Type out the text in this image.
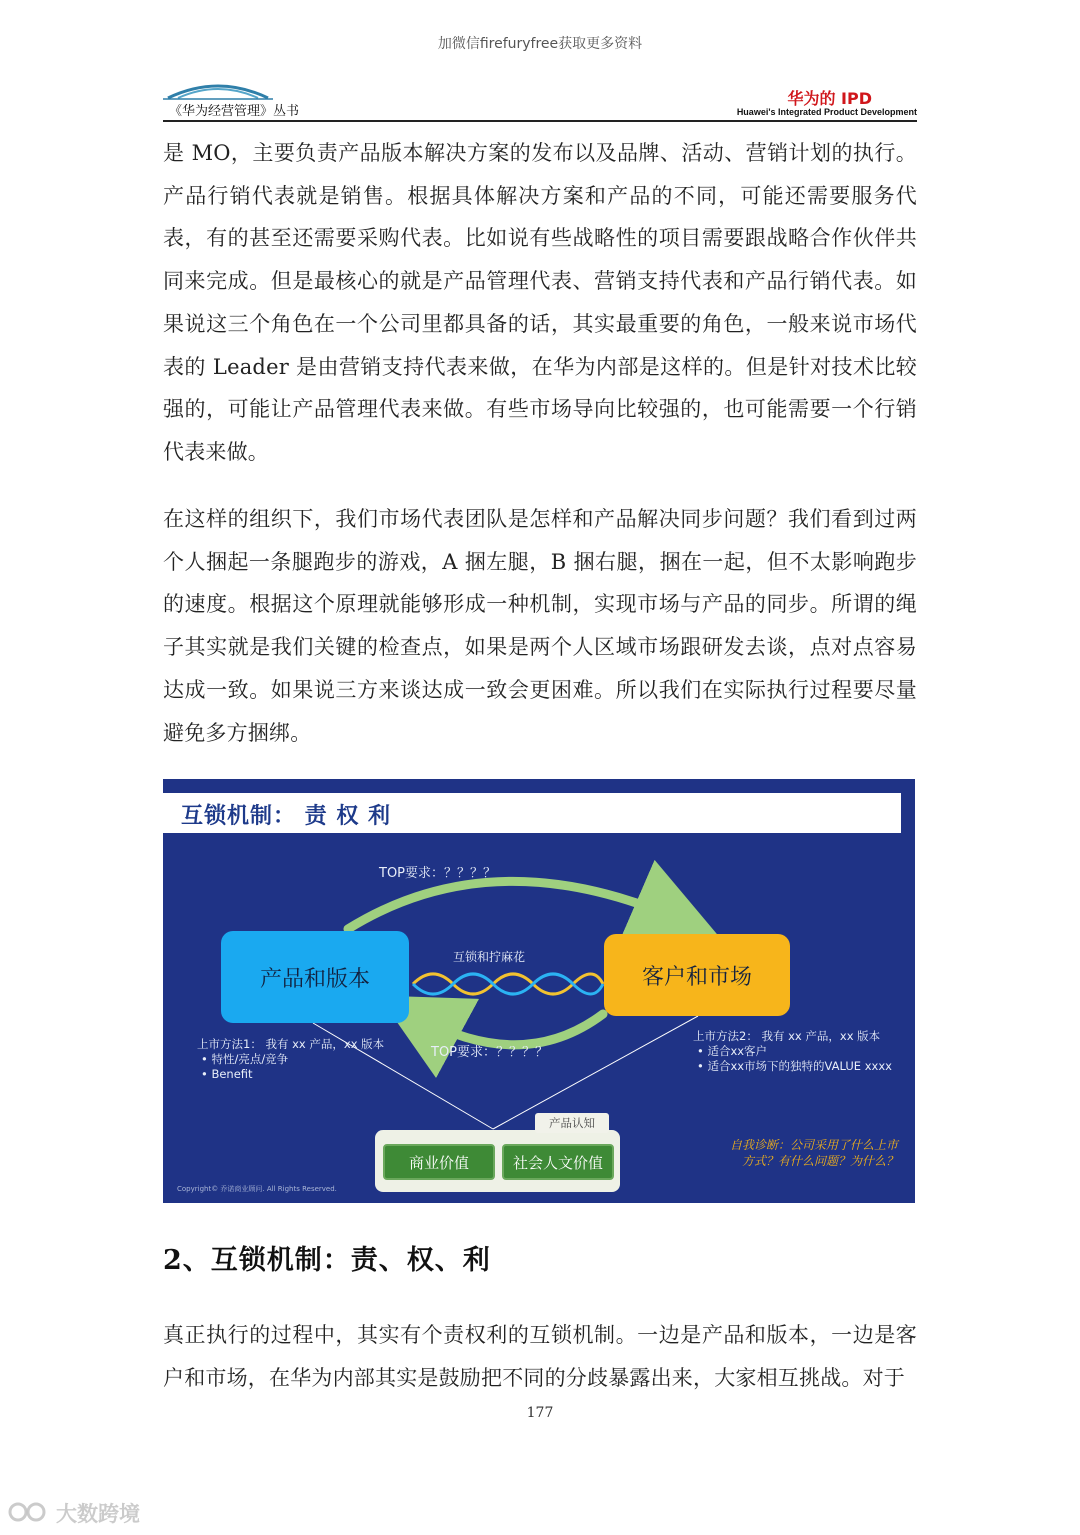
加微信firefuryfree获取更多资料
《华为经营管理》丛书
华为的 IPD
Huawei's Integrated Product Development
是 MO，主要负责产品版本解决方案的发布以及品牌、活动、营销计划的执行。产品行销代表就是销售。根据具体解决方案和产品的不同，可能还需要服务代表，有的甚至还需要采购代表。比如说有些战略性的项目需要跟战略合作伙伴共同来完成。但是最核心的就是产品管理代表、营销支持代表和产品行销代表。如果说这三个角色在一个公司里都具备的话，其实最重要的角色，一般来说市场代表的 Leader 是由营销支持代表来做，在华为内部是这样的。但是针对技术比较强的，可能让产品管理代表来做。有些市场导向比较强的，也可能需要一个行销代表来做。
在这样的组织下，我们市场代表团队是怎样和产品解决同步问题？我们看到过两个人捆起一条腿跑步的游戏，A 捆左腿，B 捆右腿，捆在一起，但不太影响跑步的速度。根据这个原理就能够形成一种机制，实现市场与产品的同步。所谓的绳子其实就是我们关键的检查点，如果是两个人区域市场跟研发去谈，点对点容易达成一致。如果说三方来谈达成一致会更困难。所以我们在实际执行过程要尽量避免多方捆绑。
互锁机制： 责 权 利
产品和版本	客户和市场
TOP要求：？？？？
TOP要求：？？？？
互锁和拧麻花
上市方法1： 我有 xx 产品，xx 版本
• 特性/亮点/竞争
• Benefit
上市方法2： 我有 xx 产品，xx 版本
• 适合xx客户
• 适合xx市场下的独特的VALUE xxxx
产品认知
商业价值	社会人文价值
自我诊断：公司采用了什么上市方式？有什么问题？为什么？
Copyright© 乔诺商业顾问. All Rights Reserved.
2、互锁机制：责、权、利
真正执行的过程中，其实有个责权利的互锁机制。一边是产品和版本，一边是客户和市场，在华为内部其实是鼓励把不同的分歧暴露出来，大家相互挑战。对于
177
大数跨境
